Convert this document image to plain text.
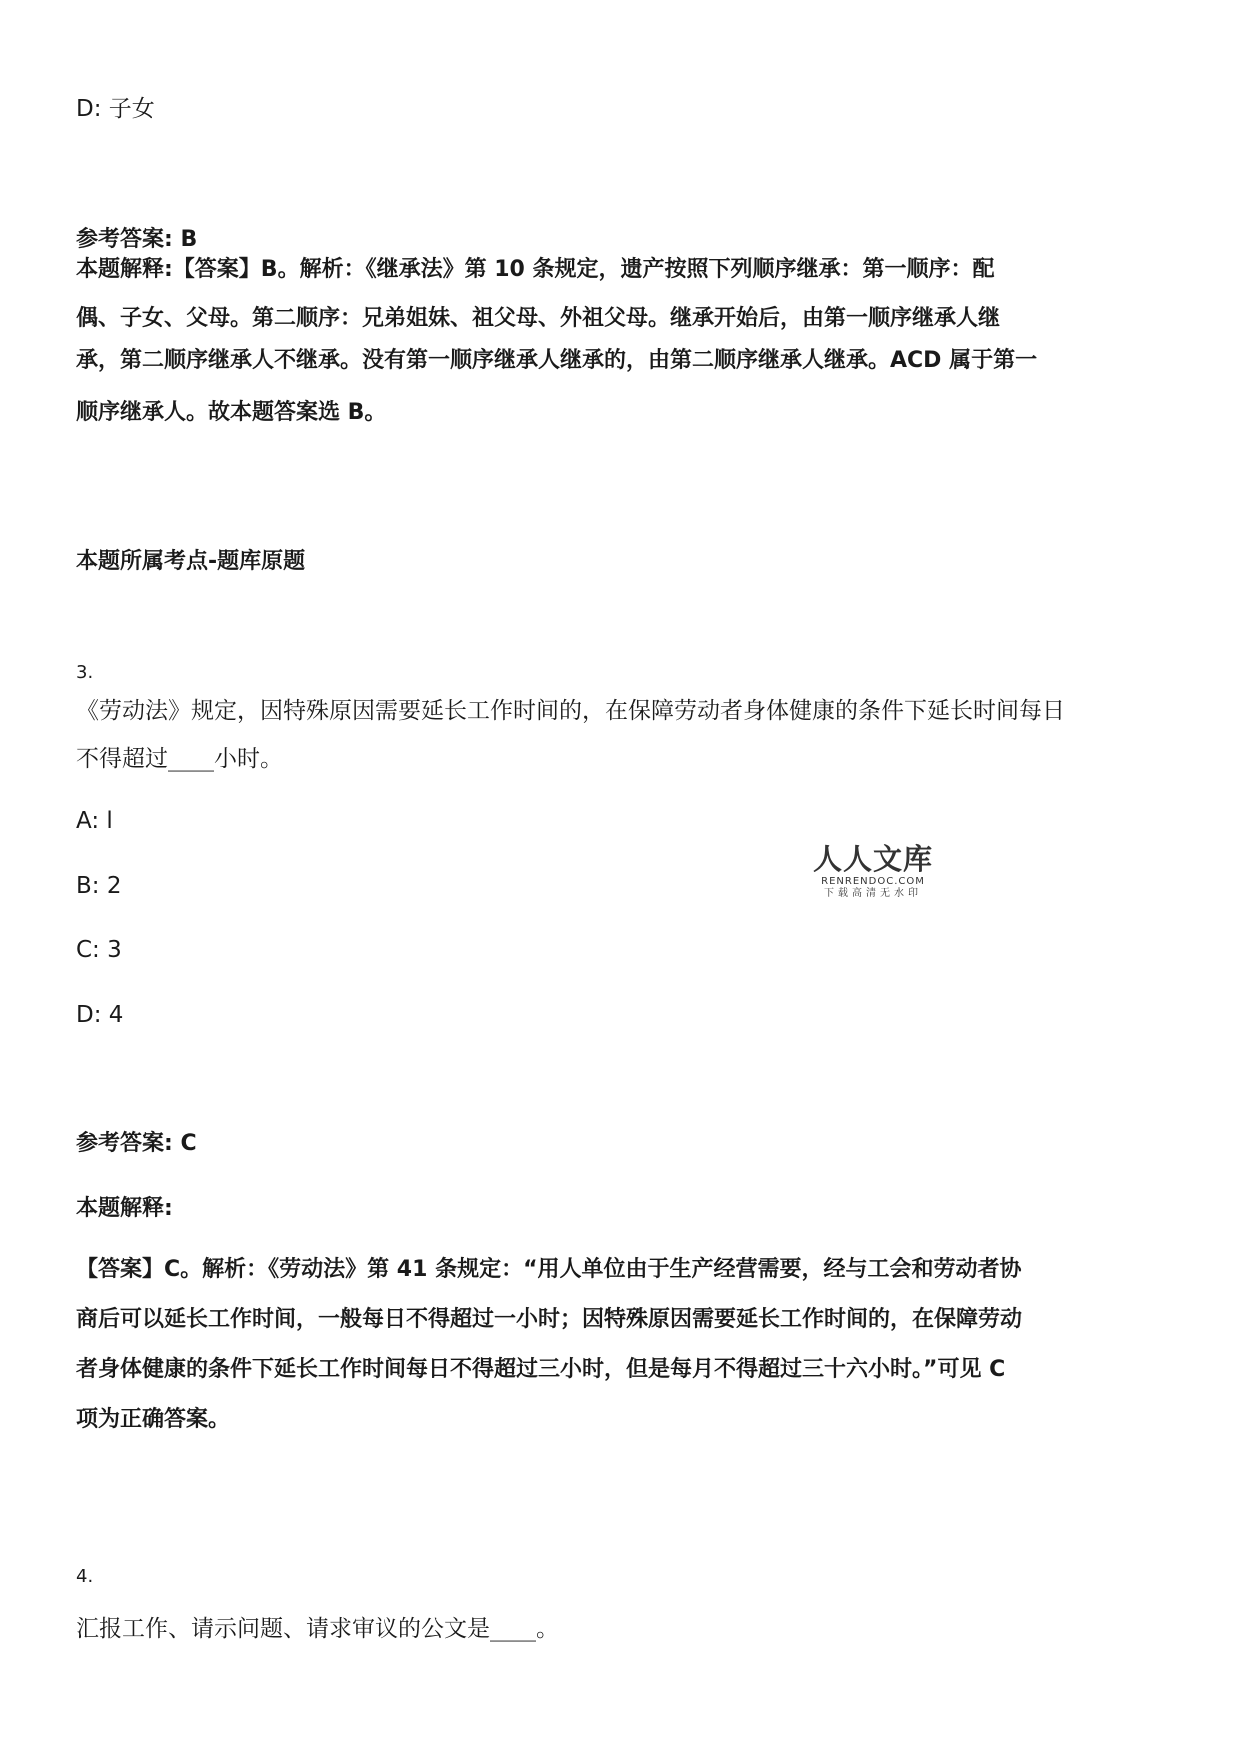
D: 子女
参考答案: B
本题解释:【答案】B。解析：《继承法》第 10 条规定，遗产按照下列顺序继承：第一顺序：配
偶、子女、父母。第二顺序：兄弟姐妹、祖父母、外祖父母。继承开始后，由第一顺序继承人继
承，第二顺序继承人不继承。没有第一顺序继承人继承的，由第二顺序继承人继承。ACD 属于第一
顺序继承人。故本题答案选 B。
本题所属考点-题库原题
3.
《劳动法》规定，因特殊原因需要延长工作时间的，在保障劳动者身体健康的条件下延长时间每日
不得超过____小时。
A: l
B: 2
C: 3
D: 4
参考答案: C
本题解释:
【答案】C。解析：《劳动法》第 41 条规定：“用人单位由于生产经营需要，经与工会和劳动者协
商后可以延长工作时间，一般每日不得超过一小时；因特殊原因需要延长工作时间的，在保障劳动
者身体健康的条件下延长工作时间每日不得超过三小时，但是每月不得超过三十六小时。”可见 C
项为正确答案。
4.
汇报工作、请示问题、请求审议的公文是____。
人人文库
RENRENDOC.COM
下载高清无水印
